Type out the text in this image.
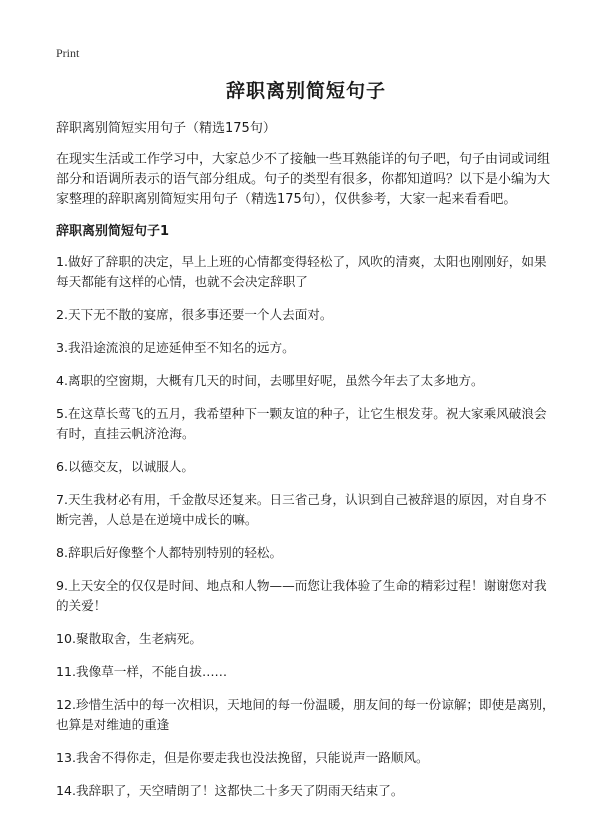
Print
辞职离别简短句子

辞职离别简短实用句子（精选175句）

在现实生活或工作学习中，大家总少不了接触一些耳熟能详的句子吧，句子由词或词组部分和语调所表示的语气部分组成。句子的类型有很多，你都知道吗？以下是小编为大家整理的辞职离别简短实用句子（精选175句），仅供参考，大家一起来看看吧。

辞职离别简短句子1
1.做好了辞职的决定，早上上班的心情都变得轻松了，风吹的清爽，太阳也刚刚好，如果每天都能有这样的心情，也就不会决定辞职了
2.天下无不散的宴席，很多事还要一个人去面对。
3.我沿途流浪的足迹延伸至不知名的远方。
4.离职的空窗期，大概有几天的时间，去哪里好呢，虽然今年去了太多地方。
5.在这草长莺飞的五月，我希望种下一颗友谊的种子，让它生根发芽。祝大家乘风破浪会有时，直挂云帆济沧海。
6.以德交友，以诚服人。
7.天生我材必有用，千金散尽还复来。日三省己身，认识到自己被辞退的原因，对自身不断完善，人总是在逆境中成长的嘛。
8.辞职后好像整个人都特别特别的轻松。
9.上天安全的仅仅是时间、地点和人物——而您让我体验了生命的精彩过程！谢谢您对我的关爱！
10.聚散取舍，生老病死。
11.我像草一样，不能自拔……
12.珍惜生活中的每一次相识，天地间的每一份温暖，朋友间的每一份谅解；即使是离别，也算是对维迪的重逢
13.我舍不得你走，但是你要走我也没法挽留，只能说声一路顺风。
14.我辞职了，天空晴朗了！这都快二十多天了阴雨天结束了。
